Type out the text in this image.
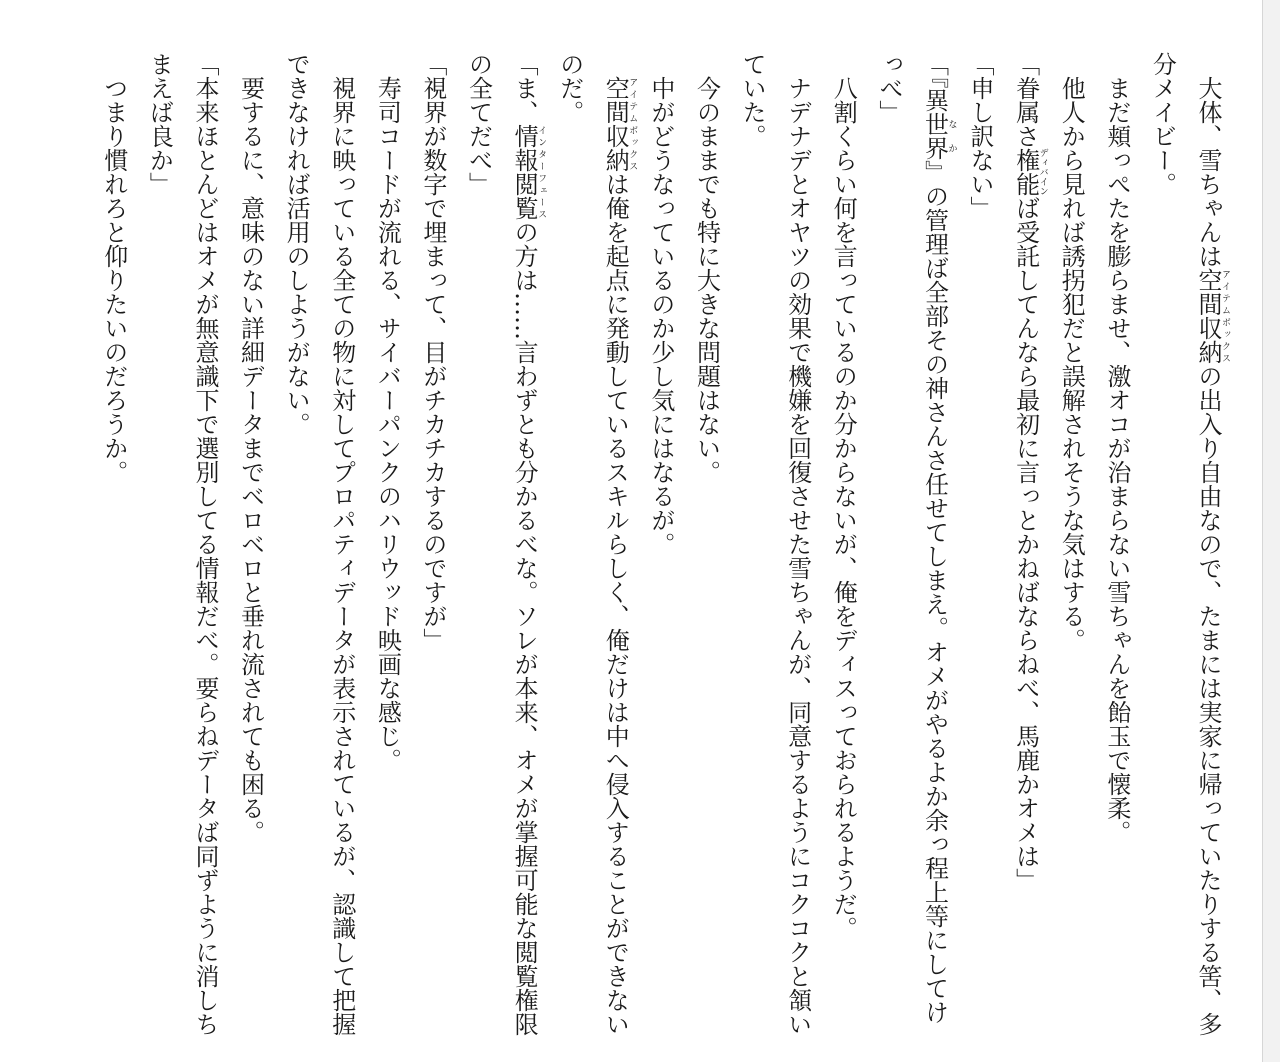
大体、雪ちゃんは空間収納アイテムボックスの出入り自由なので、たまには実家に帰っていたりする筈、多分メイビー。

まだ頬っぺたを膨らませ、激オコが治まらない雪ちゃんを飴玉で懐柔。

他人から見れば誘拐犯だと誤解されそうな気はする。

「眷属さ権能ディバインば受託してんなら最初に言っとかねばならねべ、馬鹿かオメは」

「申し訳ない」

「『異世界なか』の管理ば全部その神さんさ任せてしまえ。オメがやるよか余っ程上等にしてけっべ」

八割くらい何を言っているのか分からないが、俺をディスっておられるようだ。

ナデナデとオヤツの効果で機嫌を回復させた雪ちゃんが、同意するようにコクコクと頷いていた。

今のままでも特に大きな問題はない。

中がどうなっているのか少し気にはなるが。

空間収納アイテムボックスは俺を起点に発動しているスキルらしく、俺だけは中へ侵入することができないのだ。

「ま、情報閲覧インターフェースの方は……言わずとも分かるべな。ソレが本来、オメが掌握可能な閲覧権限の全てだべ」

「視界が数字で埋まって、目がチカチカするのですが」

寿司コードが流れる、サイバーパンクのハリウッド映画な感じ。

視界に映っている全ての物に対してプロパティデータが表示されているが、認識して把握できなければ活用のしようがない。

要するに、意味のない詳細データまでベロベロと垂れ流されても困る。

「本来ほとんどはオメが無意識下で選別してる情報だべ。要らねデータば同ずように消しちまえば良か」

つまり慣れろと仰りたいのだろうか。
